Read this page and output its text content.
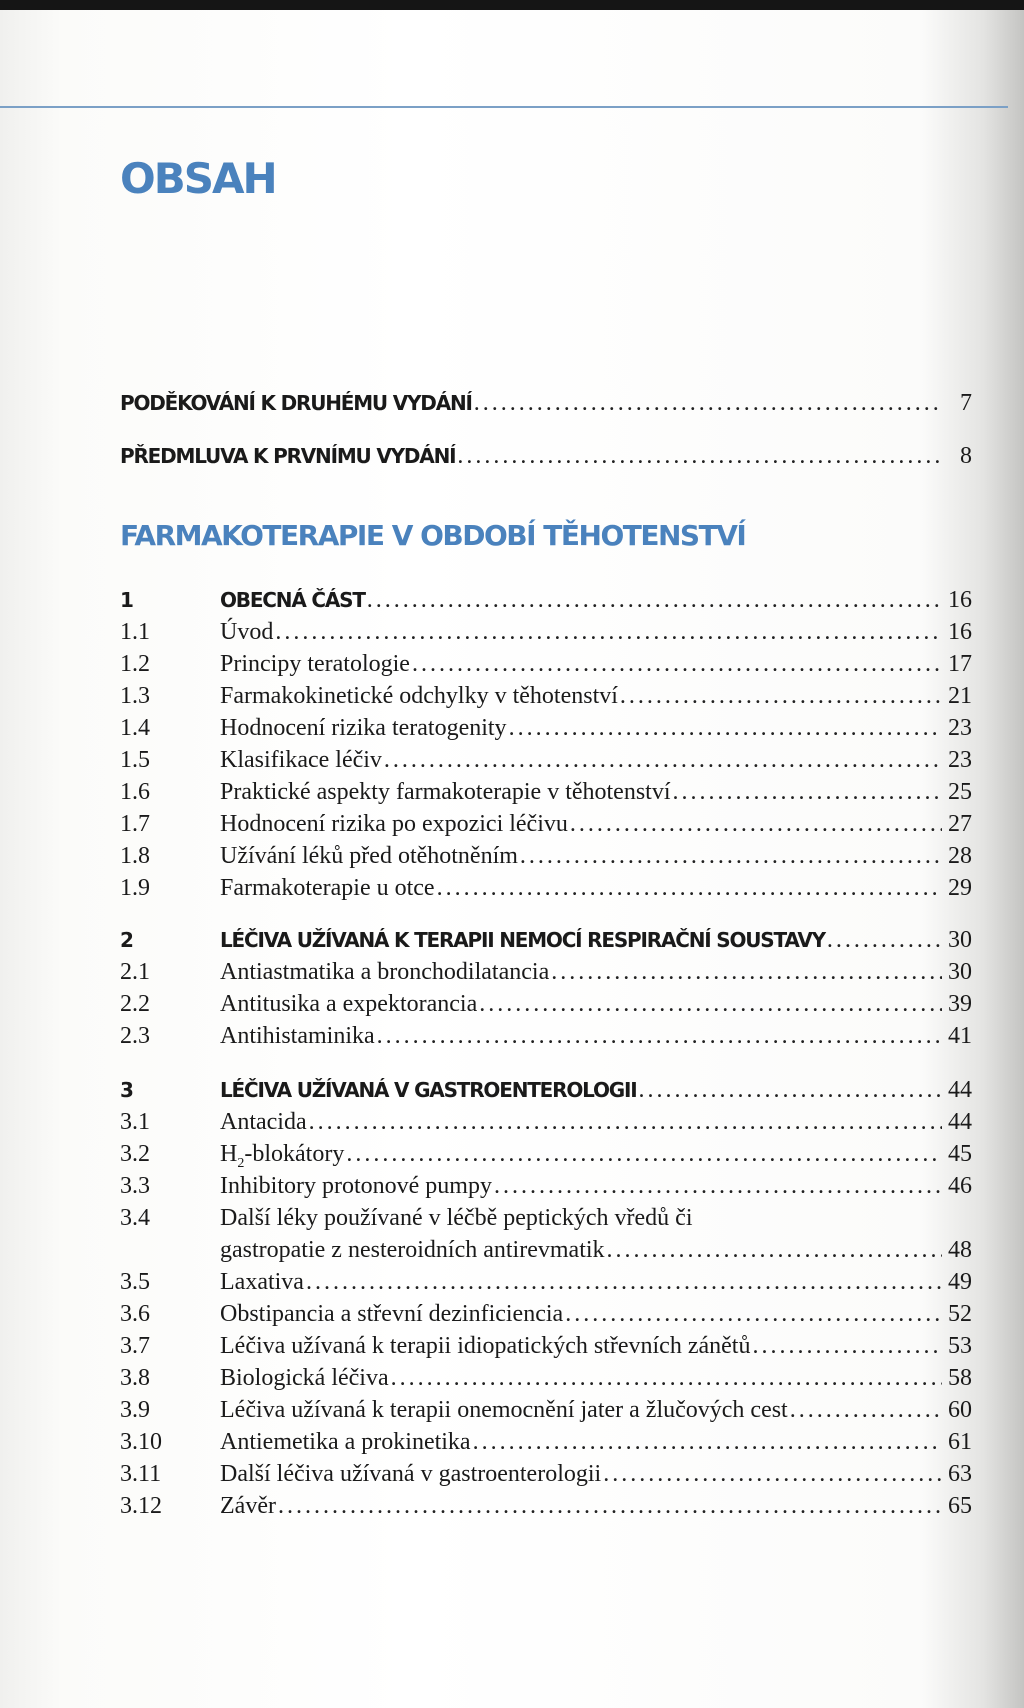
OBSAH
PODĚKOVÁNÍ K DRUHÉMU VYDÁNÍ . . .	7
PŘEDMLUVA K PRVNÍMU VYDÁNÍ . . .	8
FARMAKOTERAPIE V OBDOBÍ TĚHOTENSTVÍ
1	OBECNÁ ČÁST . . .	16
1.1	Úvod . . .	16
1.2	Principy teratologie . . .	17
1.3	Farmakokinetické odchylky v těhotenství . . .	21
1.4	Hodnocení rizika teratogenity . . .	23
1.5	Klasifikace léčiv . . .	23
1.6	Praktické aspekty farmakoterapie v těhotenství . . .	25
1.7	Hodnocení rizika po expozici léčivu . . .	27
1.8	Užívání léků před otěhotněním . . .	28
1.9	Farmakoterapie u otce . . .	29
2	LÉČIVA UŽÍVANÁ K TERAPII NEMOCÍ RESPIRAČNÍ SOUSTAVY . . .	30
2.1	Antiastmatika a bronchodilatancia . . .	30
2.2	Antitusika a expektorancia . . .	39
2.3	Antihistaminika . . .	41
3	LÉČIVA UŽÍVANÁ V GASTROENTEROLOGII . . .	44
3.1	Antacida . . .	44
3.2	$H_2$-blokátory . . .	45
3.3	Inhibitory protonové pumpy . . .	46
3.4	Další léky používané v léčbě peptických vředů či
gastropatie z nesteroidních antirevmatik . . .	48
3.5	Laxativa . . .	49
3.6	Obstipancia a střevní dezinficiencia . . .	52
3.7	Léčiva užívaná k terapii idiopatických střevních zánětů . . .	53
3.8	Biologická léčiva . . .	58
3.9	Léčiva užívaná k terapii onemocnění jater a žlučových cest . . .	60
3.10	Antiemetika a prokinetika . . .	61
3.11	Další léčiva užívaná v gastroenterologii . . .	63
3.12	Závěr . . .	65
